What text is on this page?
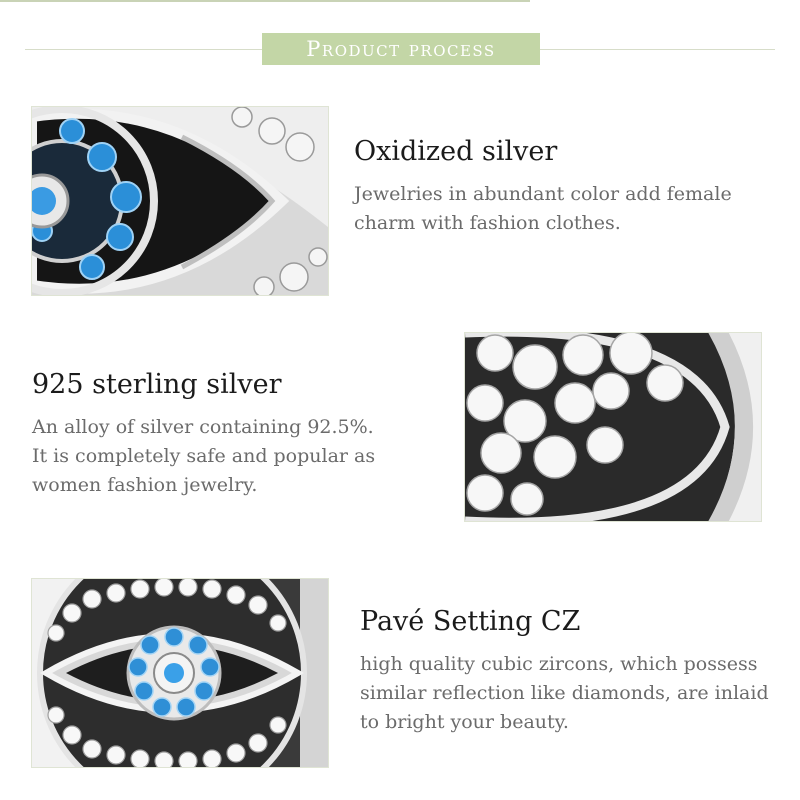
Product process
Oxidized silver
Jewelries in abundant color add female
charm with fashion clothes.
925 sterling silver
An alloy of silver containing 92.5%.
It is completely safe and popular as
women fashion jewelry.
Pavé Setting CZ
high quality cubic zircons, which possess
similar reflection like diamonds, are inlaid
to bright your beauty.
